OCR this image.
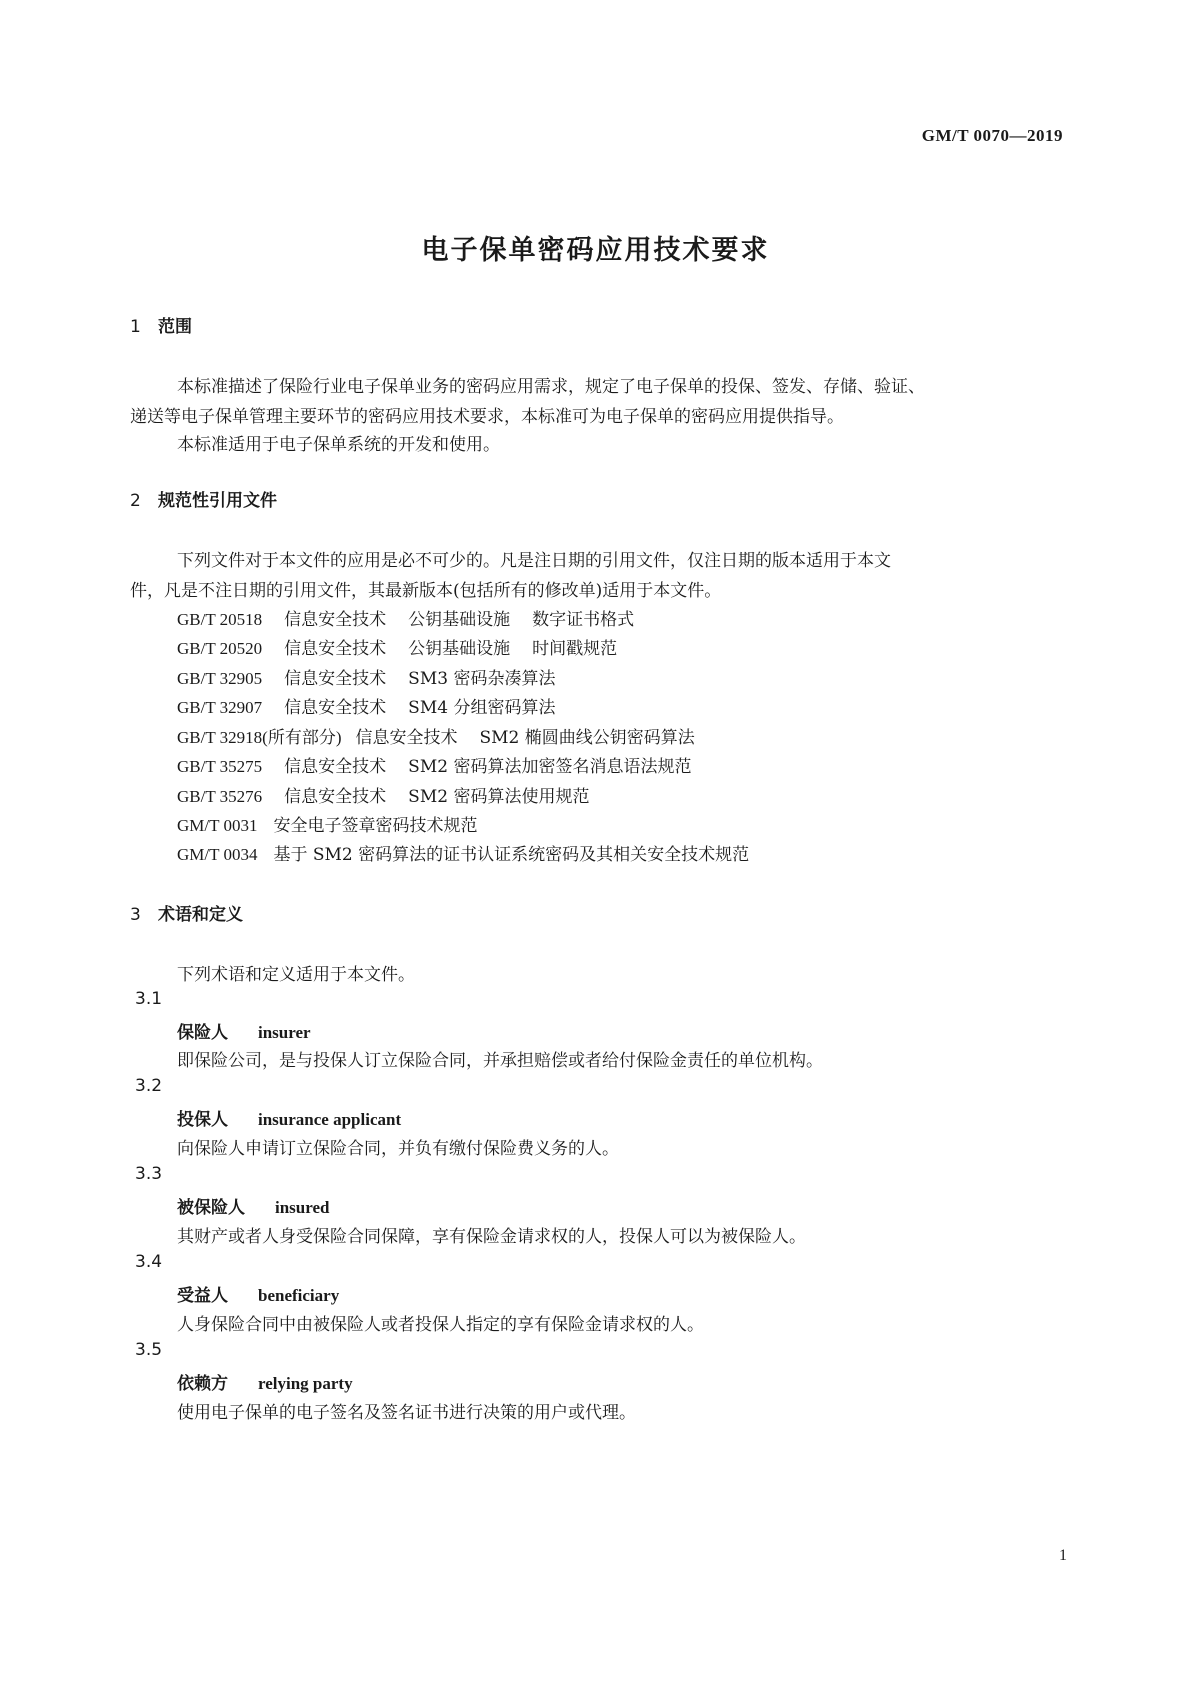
GM/T 0070—2019
电子保单密码应用技术要求
1 范围
本标准描述了保险行业电子保单业务的密码应用需求，规定了电子保单的投保、签发、存储、验证、
递送等电子保单管理主要环节的密码应用技术要求，本标准可为电子保单的密码应用提供指导。
本标准适用于电子保单系统的开发和使用。
2 规范性引用文件
下列文件对于本文件的应用是必不可少的。凡是注日期的引用文件，仅注日期的版本适用于本文
件，凡是不注日期的引用文件，其最新版本(包括所有的修改单)适用于本文件。
GB/T 20518 信息安全技术 公钥基础设施 数字证书格式
GB/T 20520 信息安全技术 公钥基础设施 时间戳规范
GB/T 32905 信息安全技术 SM3 密码杂凑算法
GB/T 32907 信息安全技术 SM4 分组密码算法
GB/T 32918(所有部分) 信息安全技术 SM2 椭圆曲线公钥密码算法
GB/T 35275 信息安全技术 SM2 密码算法加密签名消息语法规范
GB/T 35276 信息安全技术 SM2 密码算法使用规范
GM/T 0031 安全电子签章密码技术规范
GM/T 0034 基于 SM2 密码算法的证书认证系统密码及其相关安全技术规范
3 术语和定义
下列术语和定义适用于本文件。
3.1
保险人 insurer
即保险公司，是与投保人订立保险合同，并承担赔偿或者给付保险金责任的单位机构。
3.2
投保人 insurance applicant
向保险人申请订立保险合同，并负有缴付保险费义务的人。
3.3
被保险人 insured
其财产或者人身受保险合同保障，享有保险金请求权的人，投保人可以为被保险人。
3.4
受益人 beneficiary
人身保险合同中由被保险人或者投保人指定的享有保险金请求权的人。
3.5
依赖方 relying party
使用电子保单的电子签名及签名证书进行决策的用户或代理。
1
